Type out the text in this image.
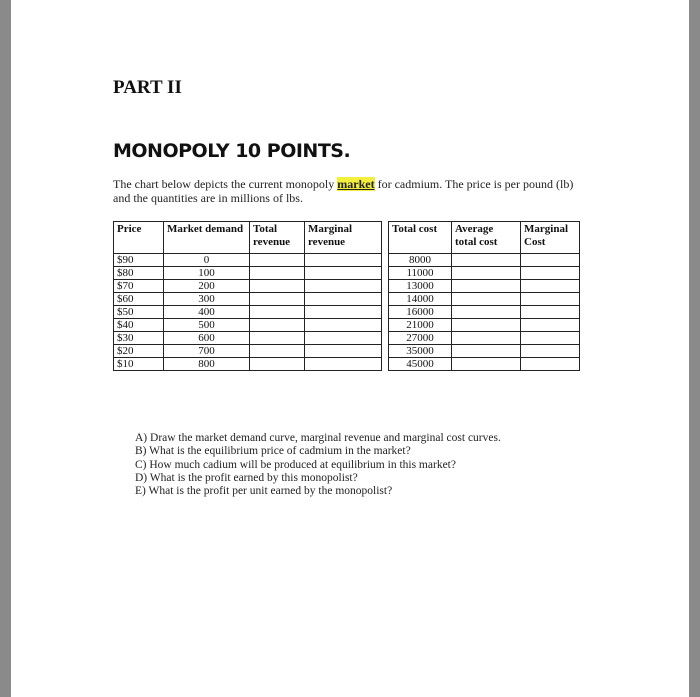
PART II
MONOPOLY 10 POINTS.
The chart below depicts the current monopoly market for cadmium. The price is per pound (lb) and the quantities are in millions of lbs.
Price	Market demand	Total revenue	Marginal revenue		Total cost	Average total cost	Marginal Cost
$90	0				8000		
$80	100				11000		
$70	200				13000		
$60	300				14000		
$50	400				16000		
$40	500				21000		
$30	600				27000		
$20	700				35000		
$10	800				45000		
A) Draw the market demand curve, marginal revenue and marginal cost curves.
B) What is the equilibrium price of cadmium in the market?
C) How much cadium will be produced at equilibrium in this market?
D) What is the profit earned by this monopolist?
E) What is the profit per unit earned by the monopolist?
